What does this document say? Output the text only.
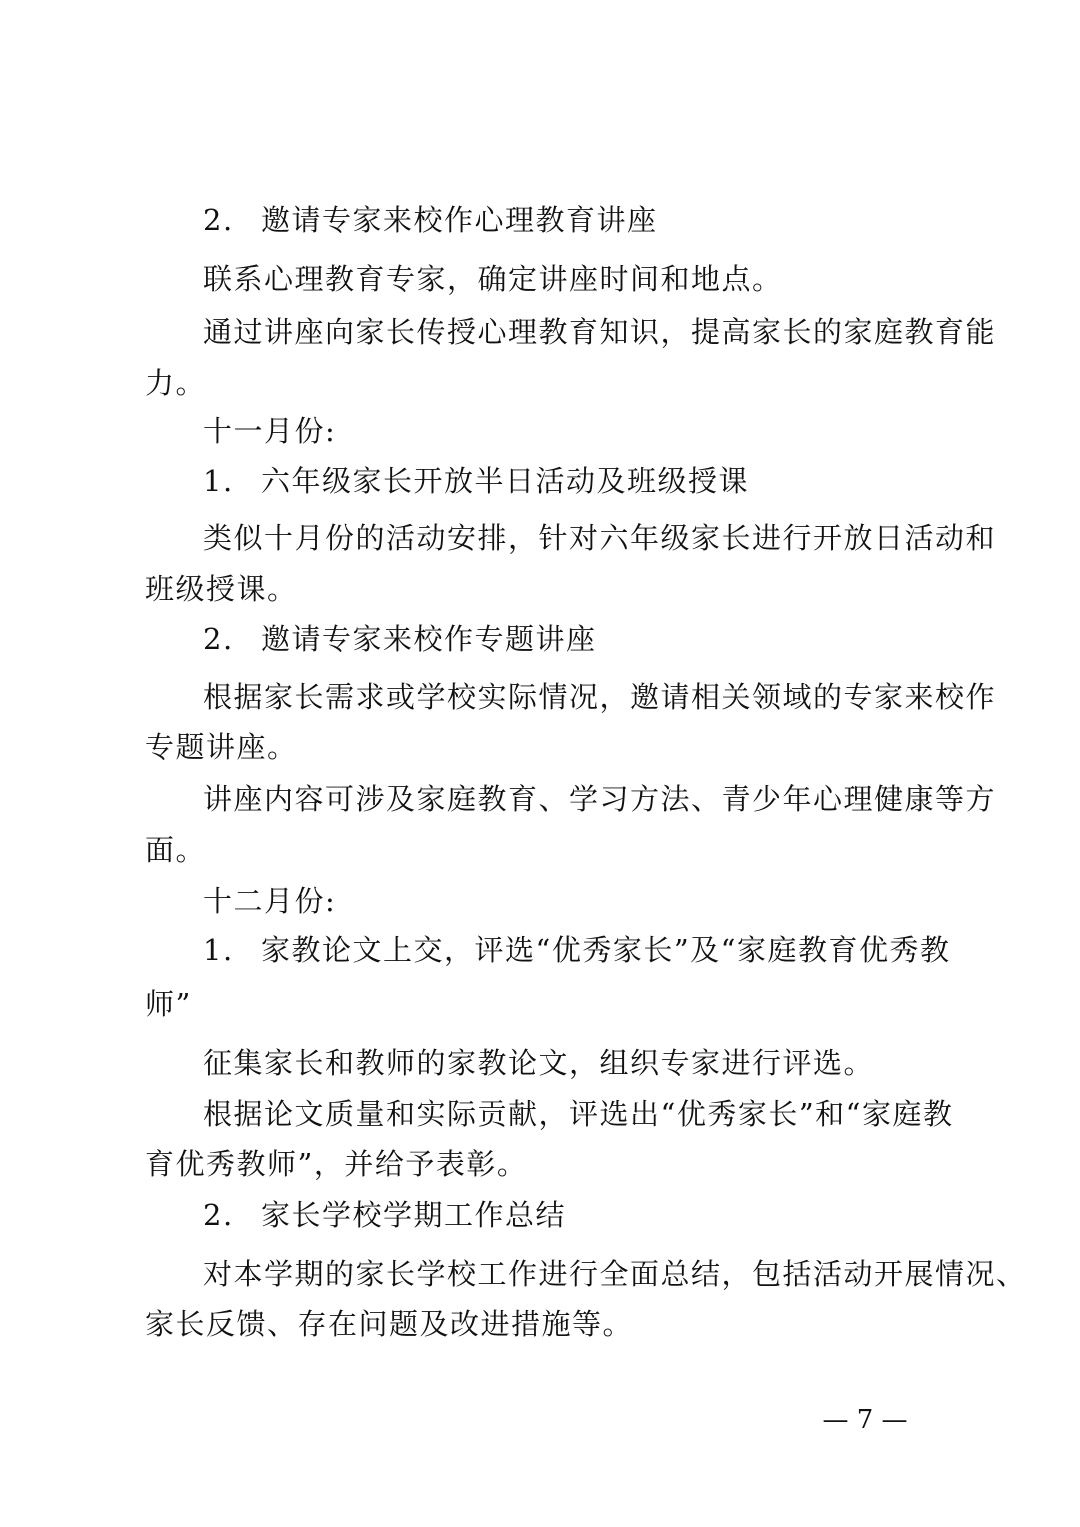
2. 邀请专家来校作心理教育讲座
联系心理教育专家，确定讲座时间和地点。
通过讲座向家长传授心理教育知识，提高家长的家庭教育能
力。
十一月份:
1. 六年级家长开放半日活动及班级授课
类似十月份的活动安排，针对六年级家长进行开放日活动和
班级授课。
2. 邀请专家来校作专题讲座
根据家长需求或学校实际情况，邀请相关领域的专家来校作
专题讲座。
讲座内容可涉及家庭教育、学习方法、青少年心理健康等方
面。
十二月份:
1. 家教论文上交，评选“优秀家长”及“家庭教育优秀教
师”
征集家长和教师的家教论文，组织专家进行评选。
根据论文质量和实际贡献，评选出“优秀家长”和“家庭教
育优秀教师”，并给予表彰。
2. 家长学校学期工作总结
对本学期的家长学校工作进行全面总结，包括活动开展情况、
家长反馈、存在问题及改进措施等。
— 7 —
